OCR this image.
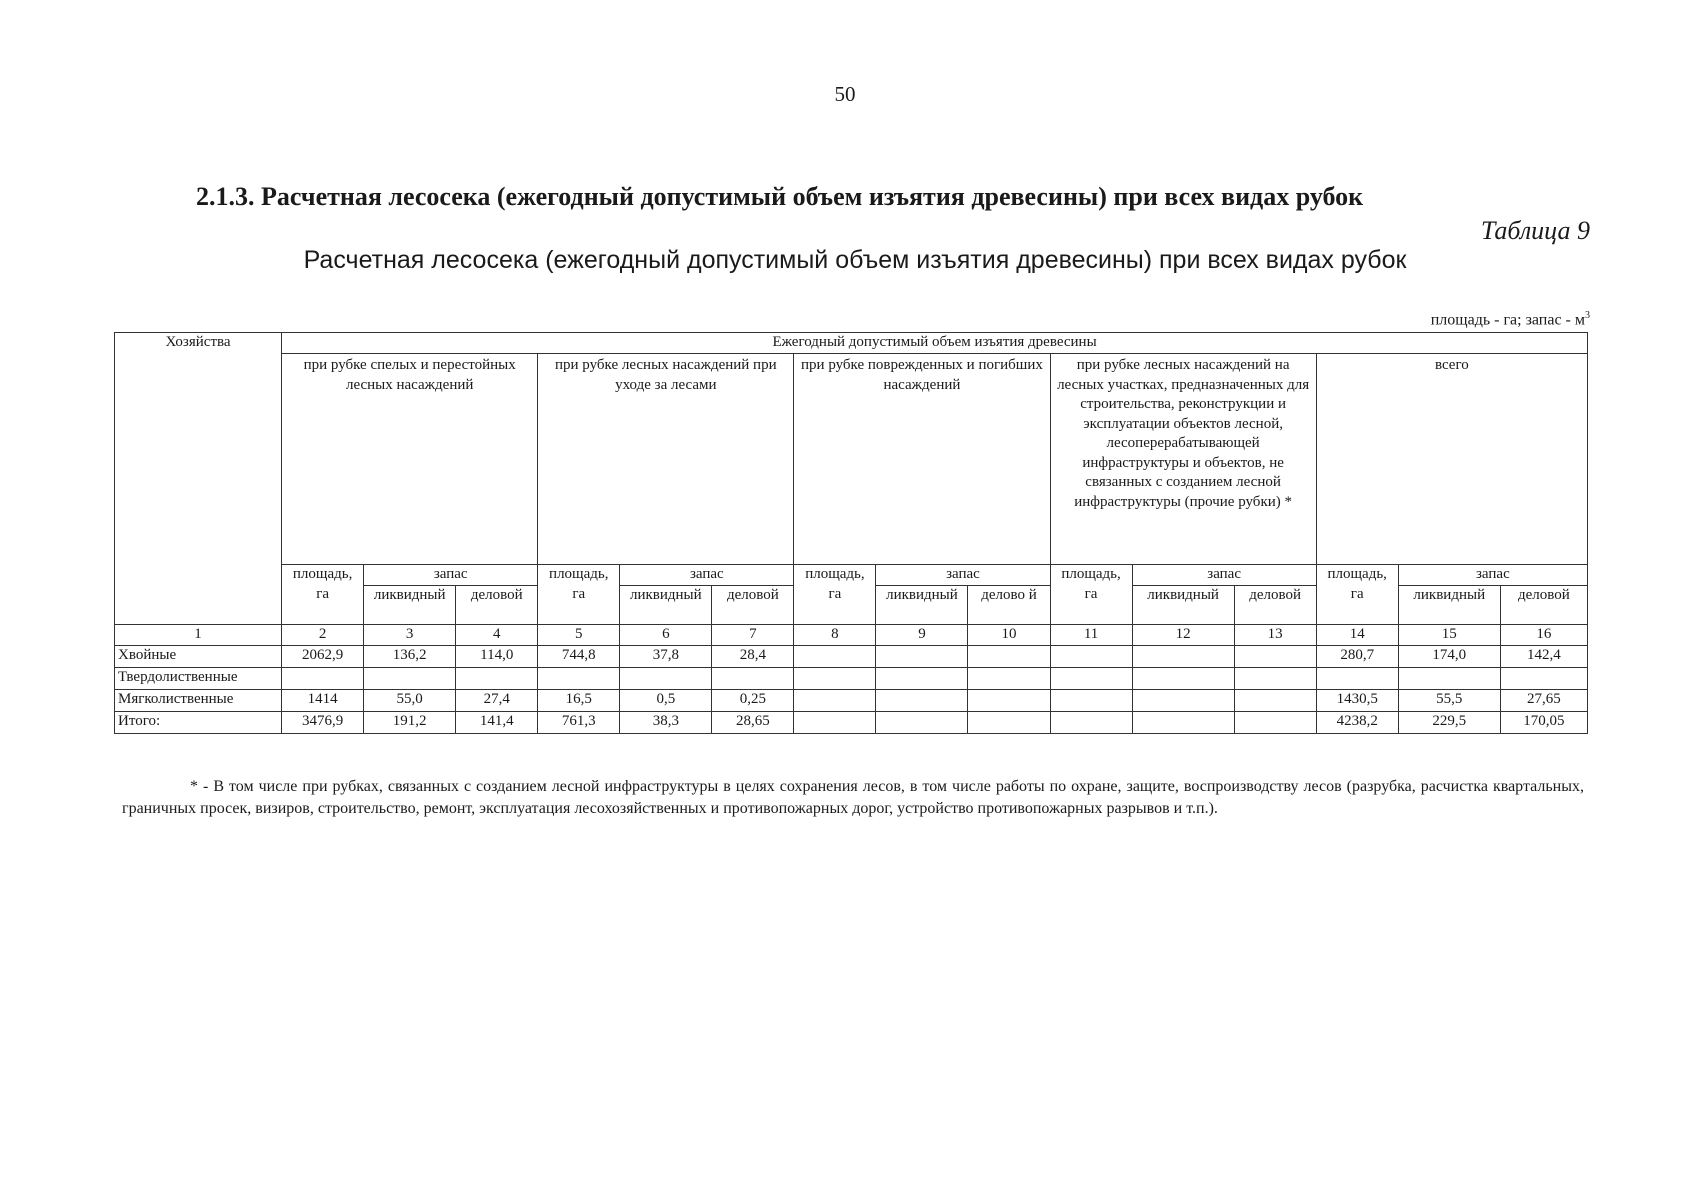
50
2.1.3. Расчетная лесосека (ежегодный допустимый объем изъятия древесины) при всех видах рубок
Таблица 9
Расчетная лесосека (ежегодный допустимый объем изъятия древесины) при всех видах рубок
площадь - га; запас - $м^3$
Хозяйства	Ежегодный допустимый объем изъятия древесины														
	при рубке спелых и перестойных лесных насаждений			при рубке лесных насаждений при уходе за лесами			при рубке поврежденных и погибших насаждений			при рубке лесных насаждений на лесных участках, предназначенных для строительства, реконструкции и эксплуатации объектов лесной, лесоперерабатывающей инфраструктуры и объектов, не связанных с созданием лесной инфраструктуры (прочие рубки) *			всего		
	площадь, га	запас		площадь, га	запас		площадь, га	запас		площадь, га	запас		площадь, га	запас	
		ликвидный	деловой		ликвидный	деловой		ликвидный	делово й		ликвидный	деловой		ликвидный	деловой
1	2	3	4	5	6	7	8	9	10	11	12	13	14	15	16
Хвойные	2062,9	136,2	114,0	744,8	37,8	28,4							280,7	174,0	142,4
Твердолиственные															
Мягколиственные	1414	55,0	27,4	16,5	0,5	0,25							1430,5	55,5	27,65
Итого:	3476,9	191,2	141,4	761,3	38,3	28,65							4238,2	229,5	170,05
* - В том числе при рубках, связанных с созданием лесной инфраструктуры в целях сохранения лесов, в том числе работы по охране, защите, воспроизводству лесов (разрубка, расчистка квартальных, граничных просек, визиров, строительство, ремонт, эксплуатация лесохозяйственных и противопожарных дорог, устройство противопожарных разрывов и т.п.).
